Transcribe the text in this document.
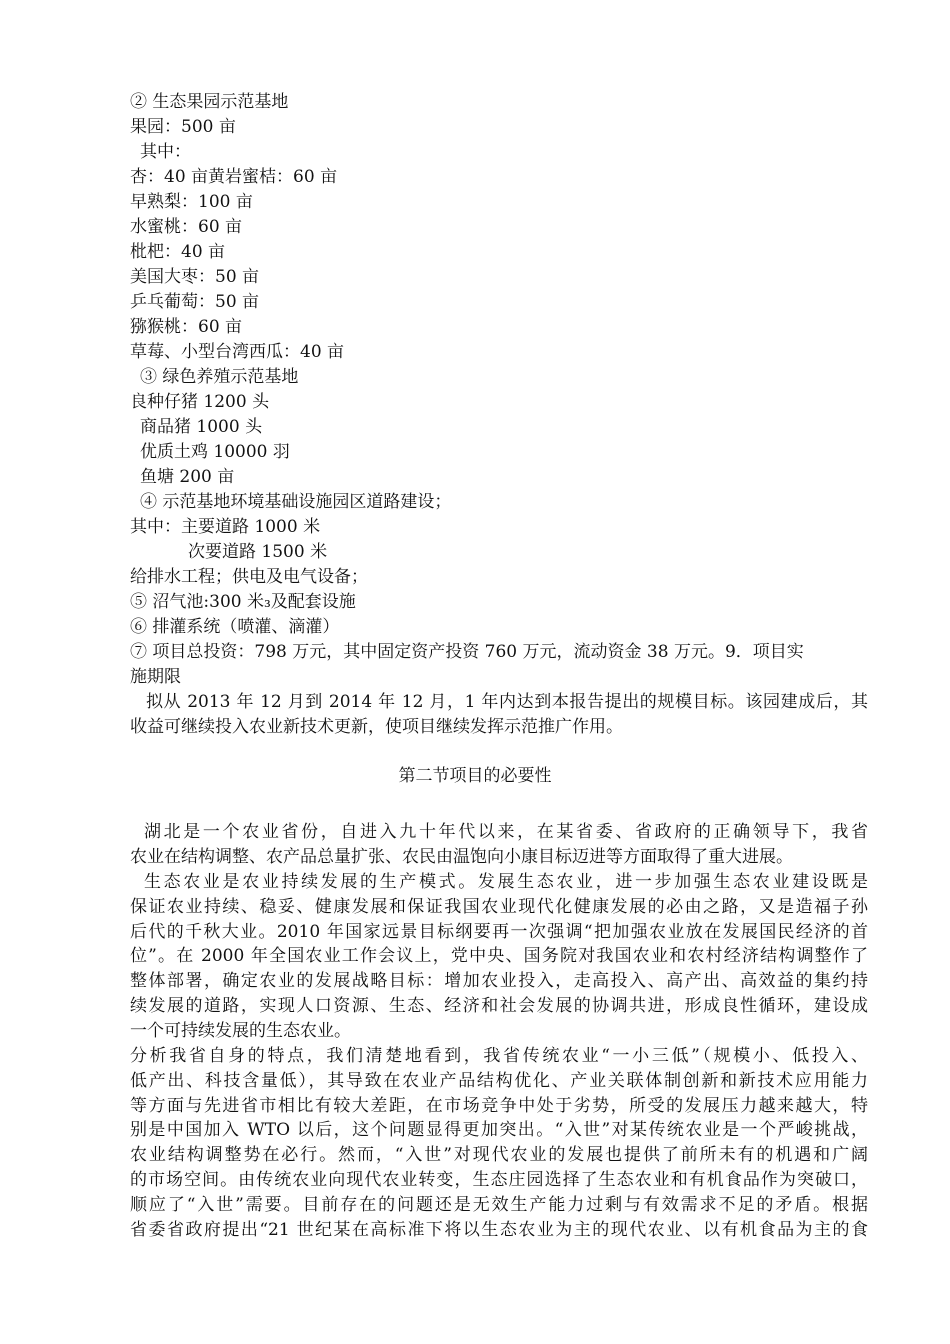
② 生态果园示范基地
果园：500 亩
其中：
杏：40 亩黄岩蜜桔：60 亩
早熟梨：100 亩
水蜜桃：60 亩
枇杷：40 亩
美国大枣：50 亩
乒乓葡萄：50 亩
猕猴桃：60 亩
草莓、小型台湾西瓜：40 亩
③ 绿色养殖示范基地
良种仔猪 1200 头
商品猪 1000 头
优质土鸡 10000 羽
鱼塘 200 亩
④ 示范基地环境基础设施园区道路建设；
其中：主要道路 1000 米
次要道路 1500 米
给排水工程；供电及电气设备；
⑤ 沼气池:300 米₃及配套设施
⑥ 排灌系统（喷灌、滴灌）
⑦ 项目总投资：798 万元，其中固定资产投资 760 万元，流动资金 38 万元。9．项目实
施期限
拟从 2013 年 12 月到 2014 年 12 月，1 年内达到本报告提出的规模目标。该园建成后，其
收益可继续投入农业新技术更新，使项目继续发挥示范推广作用。
第二节项目的必要性
湖北是一个农业省份，自进入九十年代以来，在某省委、省政府的正确领导下，我省
农业在结构调整、农产品总量扩张、农民由温饱向小康目标迈进等方面取得了重大进展。
生态农业是农业持续发展的生产模式。发展生态农业，进一步加强生态农业建设既是
保证农业持续、稳妥、健康发展和保证我国农业现代化健康发展的必由之路，又是造福子孙
后代的千秋大业。2010 年国家远景目标纲要再一次强调“把加强农业放在发展国民经济的首
位”。在 2000 年全国农业工作会议上，党中央、国务院对我国农业和农村经济结构调整作了
整体部署，确定农业的发展战略目标：增加农业投入，走高投入、高产出、高效益的集约持
续发展的道路，实现人口资源、生态、经济和社会发展的协调共进，形成良性循环，建设成
一个可持续发展的生态农业。
分析我省自身的特点，我们清楚地看到，我省传统农业“一小三低”（规模小、低投入、
低产出、科技含量低），其导致在农业产品结构优化、产业关联体制创新和新技术应用能力
等方面与先进省市相比有较大差距，在市场竞争中处于劣势，所受的发展压力越来越大，特
别是中国加入 WTO 以后，这个问题显得更加突出。“入世”对某传统农业是一个严峻挑战，
农业结构调整势在必行。然而，“入世”对现代农业的发展也提供了前所未有的机遇和广阔
的市场空间。由传统农业向现代农业转变，生态庄园选择了生态农业和有机食品作为突破口，
顺应了“入世”需要。目前存在的问题还是无效生产能力过剩与有效需求不足的矛盾。根据
省委省政府提出“21 世纪某在高标准下将以生态农业为主的现代农业、以有机食品为主的食
